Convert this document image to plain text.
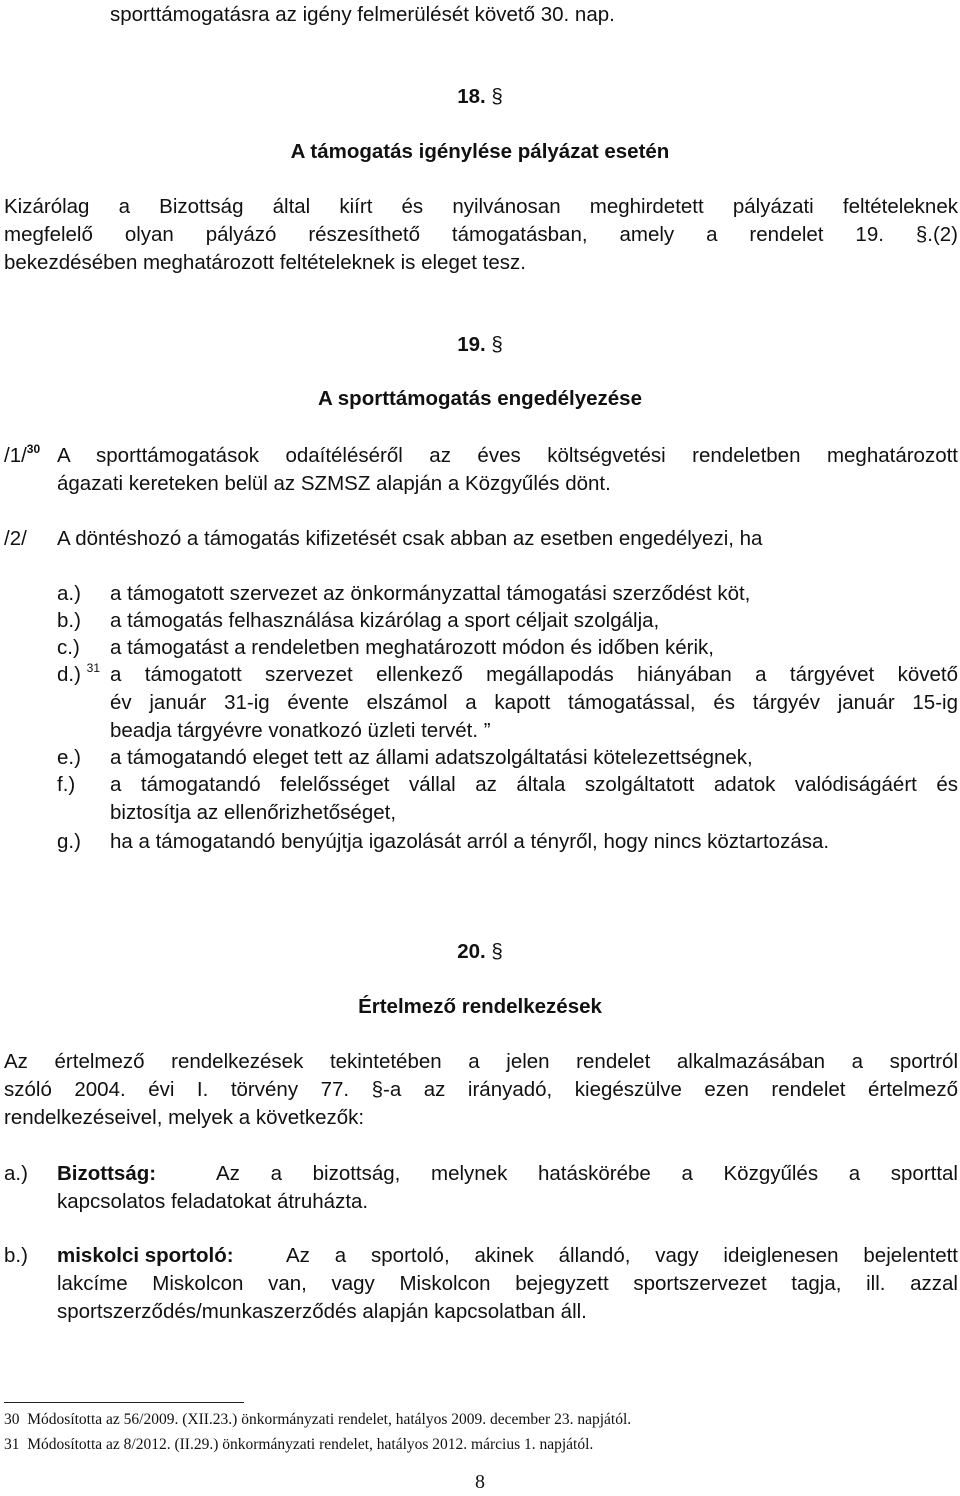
sporttámogatásra az igény felmerülését követő 30. nap.
18. §
A támogatás igénylése pályázat esetén
Kizárólag a Bizottság által kiírt és nyilvánosan meghirdetett pályázati feltételeknek
megfelelő olyan pályázó részesíthető támogatásban, amely a rendelet 19. §.(2)
bekezdésében meghatározott feltételeknek is eleget tesz.
19. §
A sporttámogatás engedélyezése
/1/$^{30}$ A sporttámogatások odaítéléséről az éves költségvetési rendeletben meghatározott
ágazati kereteken belül az SZMSZ alapján a Közgyűlés dönt.
/2/ A döntéshozó a támogatás kifizetését csak abban az esetben engedélyezi, ha
a.) a támogatott szervezet az önkormányzattal támogatási szerződést köt,
b.) a támogatás felhasználása kizárólag a sport céljait szolgálja,
c.) a támogatást a rendeletben meghatározott módon és időben kérik,
d.) $^{31}$ a támogatott szervezet ellenkező megállapodás hiányában a tárgyévet követő
év január 31-ig évente elszámol a kapott támogatással, és tárgyév január 15-ig
beadja tárgyévre vonatkozó üzleti tervét. ”
e.) a támogatandó eleget tett az állami adatszolgáltatási kötelezettségnek,
f.) a támogatandó felelősséget vállal az általa szolgáltatott adatok valódiságáért és
biztosítja az ellenőrizhetőséget,
g.) ha a támogatandó benyújtja igazolását arról a tényről, hogy nincs köztartozása.
20. §
Értelmező rendelkezések
Az értelmező rendelkezések tekintetében a jelen rendelet alkalmazásában a sportról
szóló 2004. évi I. törvény 77. §-a az irányadó, kiegészülve ezen rendelet értelmező
rendelkezéseivel, melyek a következők:
a.) Bizottság:	Az a bizottság, melynek hatáskörébe a Közgyűlés a sporttal
kapcsolatos feladatokat átruházta.
b.) miskolci sportoló:	Az a sportoló, akinek állandó, vagy ideiglenesen bejelentett
lakcíme Miskolcon van, vagy Miskolcon bejegyzett sportszervezet tagja, ill. azzal
sportszerződés/munkaszerződés alapján kapcsolatban áll.
30 Módosította az 56/2009. (XII.23.) önkormányzati rendelet, hatályos 2009. december 23. napjától.
31 Módosította az 8/2012. (II.29.) önkormányzati rendelet, hatályos 2012. március 1. napjától.
8
